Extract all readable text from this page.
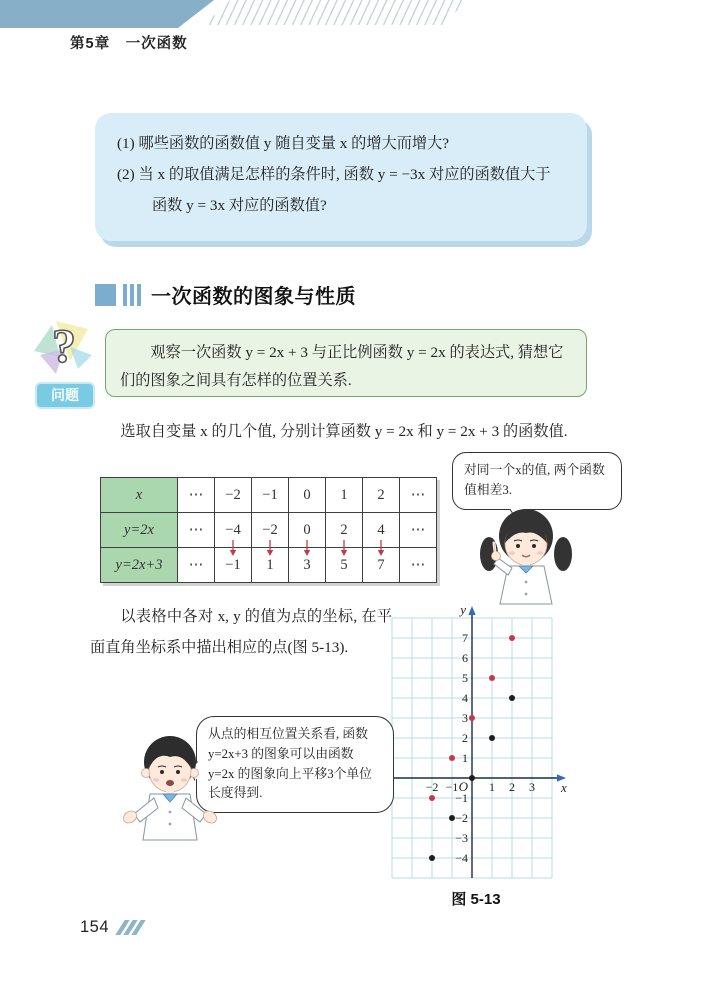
第5章　一次函数
(1) 哪些函数的函数值 y 随自变量 x 的增大而增大?
(2) 当 x 的取值满足怎样的条件时, 函数 y = −3x 对应的函数值大于函数 y = 3x 对应的函数值?
一次函数的图象与性质
?
问题
观察一次函数 y = 2x + 3 与正比例函数 y = 2x 的表达式, 猜想它们的图象之间具有怎样的位置关系.
选取自变量 x 的几个值, 分别计算函数 y = 2x 和 y = 2x + 3 的函数值.
x	⋯	−2	−1	0	1	2	⋯
y=2x	⋯	−4	−2	0	2	4	⋯
y=2x+3	⋯	−1	1	3	5	7	⋯
对同一个x的值, 两个函数值相差3.
以表格中各对 x, y 的值为点的坐标, 在平面直角坐标系中描出相应的点(图 5-13).
−2 −1	1 2 3
−4
−3
−2
−1
1
2
3
4
5
6
7
y
x
O
图 5-13
从点的相互位置关系看, 函数 y=2x+3 的图象可以由函数 y=2x 的图象向上平移3个单位长度得到.
154
